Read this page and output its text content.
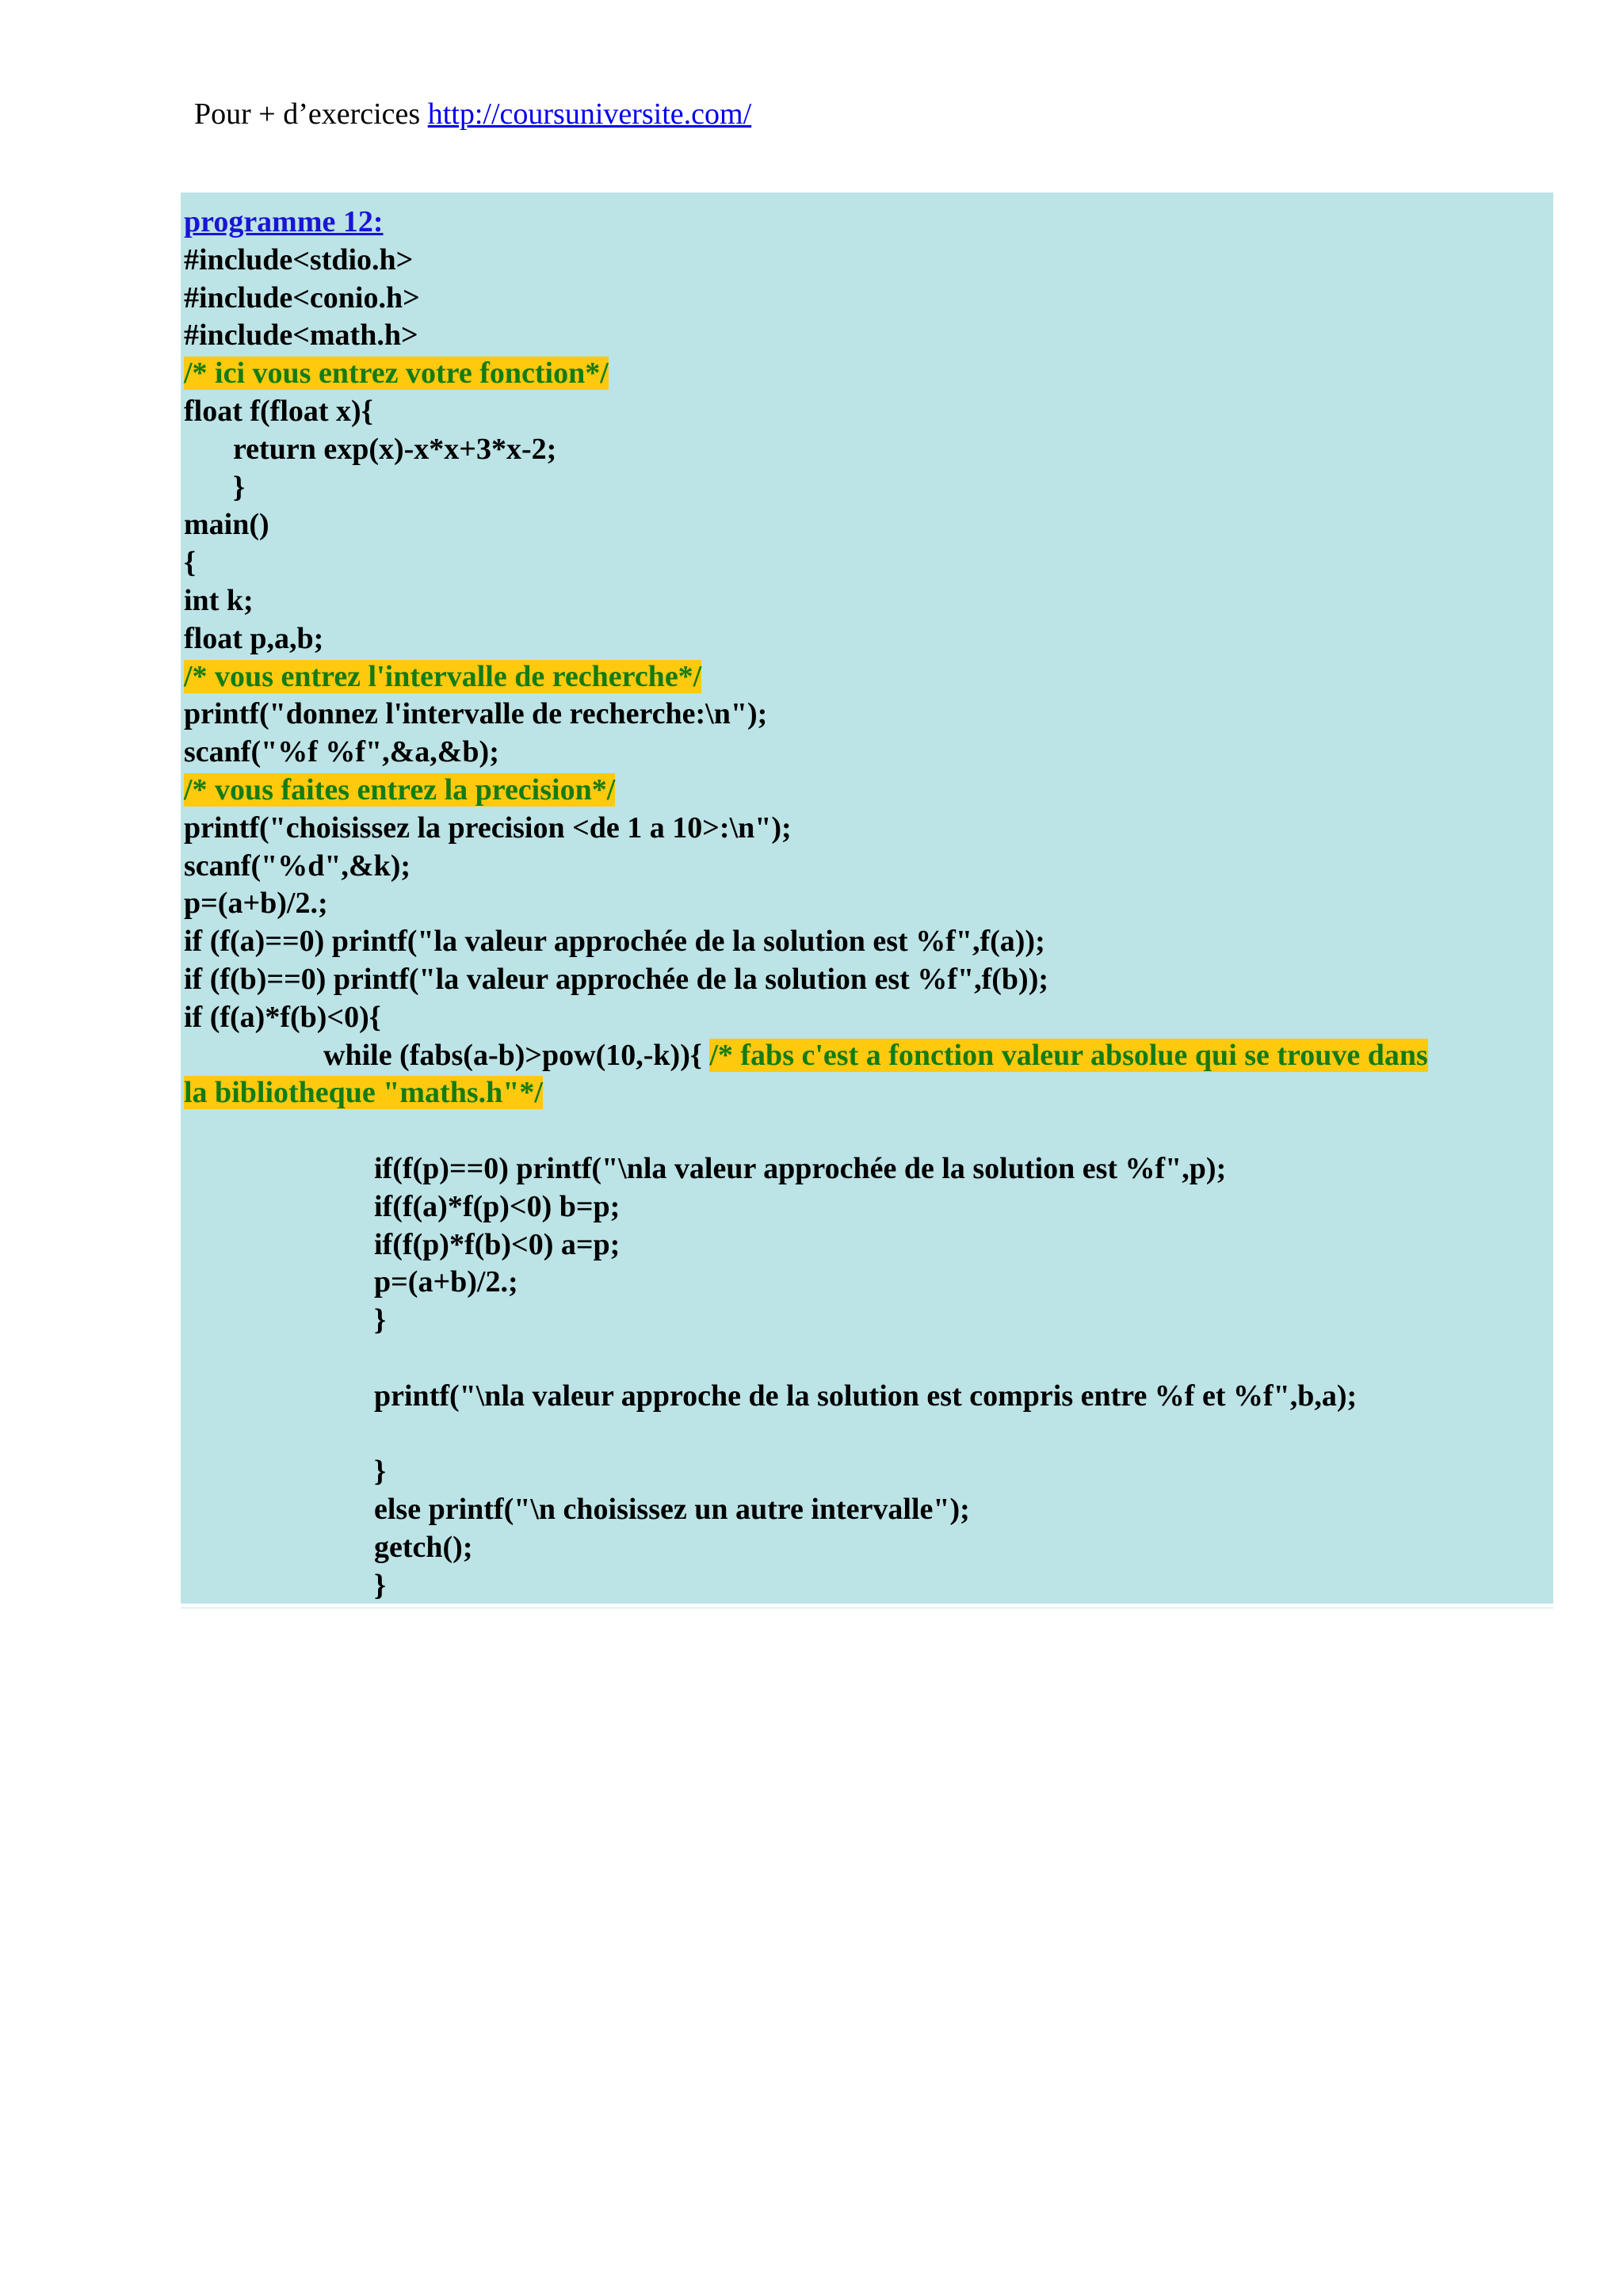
Pour + d’exercices http://coursuniversite.com/
programme 12:
#include<stdio.h>
#include<conio.h>
#include<math.h>
/* ici vous entrez votre fonction*/
float f(float x){
return exp(x)-x*x+3*x-2;
}
main()
{
int k;
float p,a,b;
/* vous entrez l'intervalle de recherche*/
printf("donnez l'intervalle de recherche:\n");
scanf("%f %f",&a,&b);
/* vous faites entrez la precision*/
printf("choisissez la precision <de 1 a 10>:\n");
scanf("%d",&k);
p=(a+b)/2.;
if (f(a)==0) printf("la valeur approchée de la solution est %f",f(a));
if (f(b)==0) printf("la valeur approchée de la solution est %f",f(b));
if (f(a)*f(b)<0){
while (fabs(a-b)>pow(10,-k)){ /* fabs c'est a fonction valeur absolue qui se trouve dans
la bibliotheque "maths.h"*/
if(f(p)==0) printf("\nla valeur approchée de la solution est %f",p);
if(f(a)*f(p)<0) b=p;
if(f(p)*f(b)<0) a=p;
p=(a+b)/2.;
}
printf("\nla valeur approche de la solution est compris entre %f et %f",b,a);
}
else printf("\n choisissez un autre intervalle");
getch();
}
